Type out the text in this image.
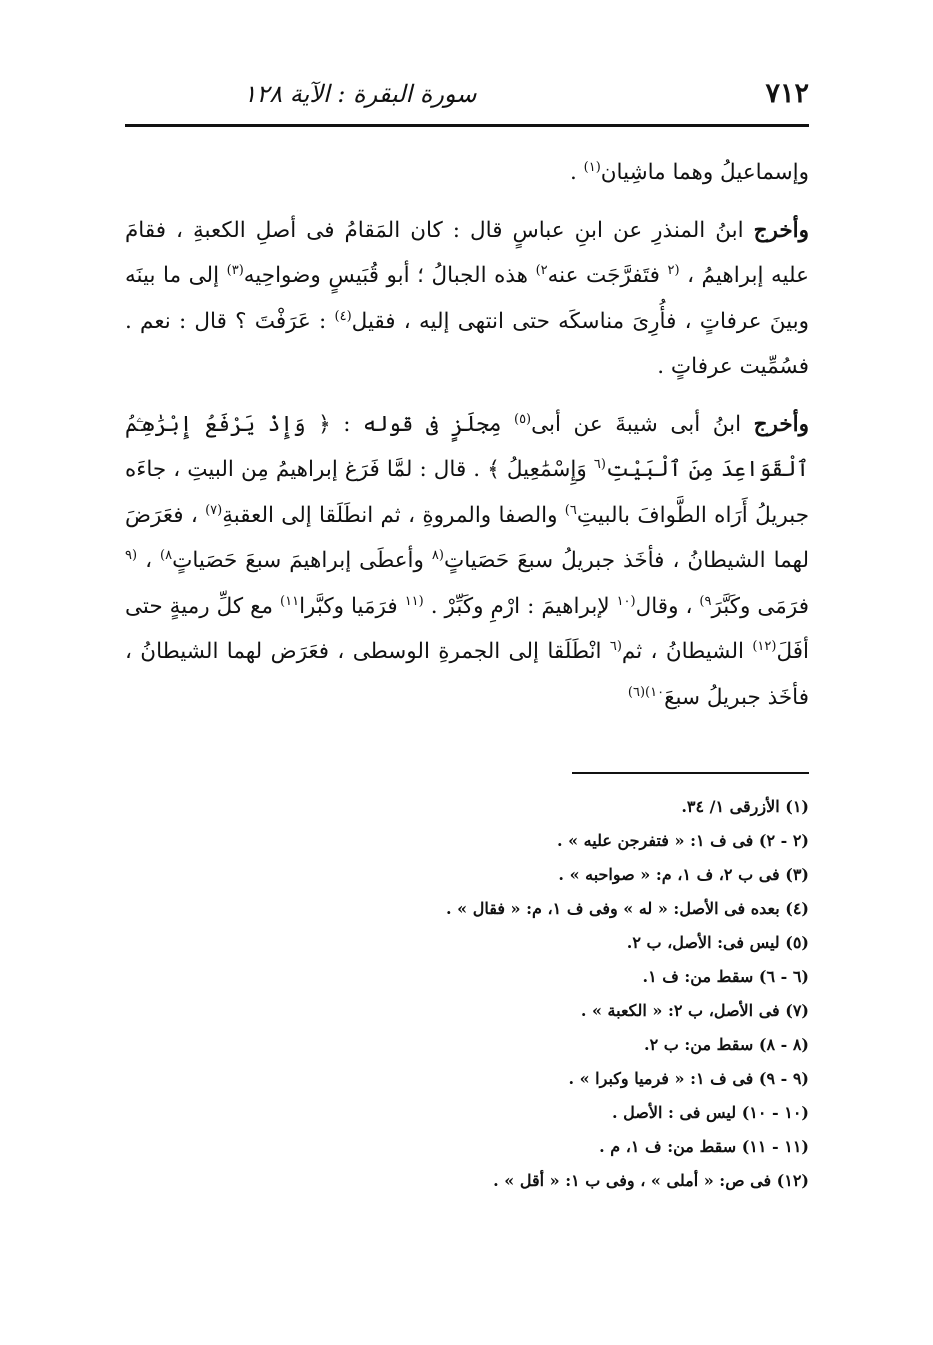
٧١٢
سورة البقرة : الآية ١٢٨

وإسماعيلُ وهما ماشِيان$^{(١)}$ .

وأخرج ابنُ المنذرِ عن ابنِ عباسٍ قال : كان المَقامُ فى أصلِ الكعبةِ ، فقامَ عليه إبراهيمُ ، $^{(٢}$ فتَفرَّجَت عنه$^{٢)}$ هذه الجبالُ ؛ أبو قُبَيسٍ وضواحِيه$^{(٣)}$ إلى ما بينَه وبينَ عرفاتٍ ، فأُرِىَ مناسكَه حتى انتهى إليه ، فقيل$^{(٤)}$ : عَرَفْتَ ؟ قال : نعم . فسُمِّيت عرفاتٍ .

وأخرج ابنُ أبى شيبةَ عن أبى$^{(٥)}$ مِجلَزٍ فى قوله : ﴿ وَإِذْ يَرْفَعُ إِبْرَٰهِـۧمُ ٱلْقَوَاعِدَ مِنَ ٱلْبَيْتِ$^{(٦}$ وَإِسْمَٰعِيلُ ﴾ . قال : لمَّا فَرَغ إبراهيمُ مِن البيتِ ، جاءَه جبريلُ أَرَاه الطَّوافَ بالبيتِ$^{٦)}$ والصفا والمروةِ ، ثم انطَلَقا إلى العقبةِ$^{(٧)}$ ، فعَرَضَ لهما الشيطانُ ، فأخَذ جبريلُ سبعَ حَصَياتٍ$^{(٨}$ وأعطَى إبراهيمَ سبعَ حَصَياتٍ$^{٨)}$ ، $^{(٩}$ فرَمَى وكَبَّرَ$^{٩)}$ ، وقال$^{(١٠}$ لإبراهيمَ : ارْمِ وكَبِّرْ . $^{(١١}$ فرَمَيا وكبَّرا$^{١١)}$ مع كلِّ رميةٍ حتى أفَلَ$^{(١٢)}$ الشيطانُ ، ثم$^{(٦}$ انْطَلَقا إلى الجمرةِ الوسطى ، فعَرَض لهما الشيطانُ ، فأخَذ جبريلُ سبعَ$^{١٠)(٦)}$

(١) الأزرقى ١/ ٣٤.

(٢ - ٢) فى ف ١: « فتفرجن عليه » .

(٣) فى ب ٢، ف ١، م: « صواحبه » .

(٤) بعده فى الأصل: « له » وفى ف ١، م: « فقال » .

(٥) ليس فى: الأصل، ب ٢.

(٦ - ٦) سقط من: ف ١.

(٧) فى الأصل، ب ٢: « الكعبة » .

(٨ - ٨) سقط من: ب ٢.

(٩ - ٩) فى ف ١: « فرميا وكبرا » .

(١٠ - ١٠) ليس فى : الأصل .

(١١ - ١١) سقط من: ف ١، م .

(١٢) فى ص: « أملى » ، وفى ب ١: « أقل » .
